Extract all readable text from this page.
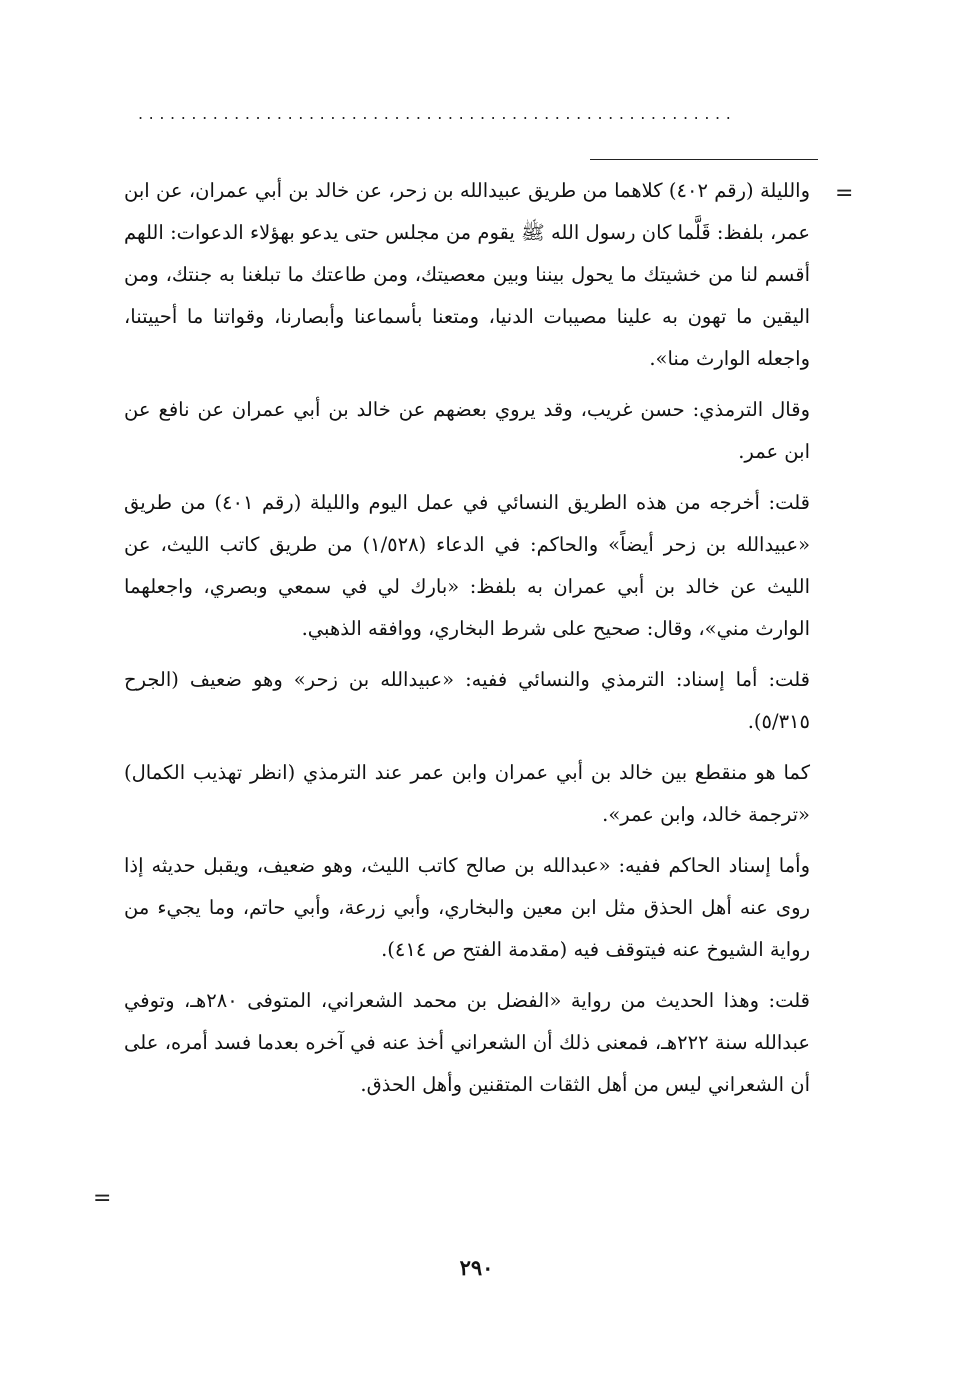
........................................................
=

والليلة (رقم ٤٠٢) كلاهما من طريق عبيدالله بن زحر، عن خالد بن أبي عمران، عن ابن عمر، بلفظ: قَلَّما كان رسول الله ﷺ يقوم من مجلس حتى يدعو بهؤلاء الدعوات: اللهم أقسم لنا من خشيتك ما يحول بيننا وبين معصيتك، ومن طاعتك ما تبلغنا به جنتك، ومن اليقين ما تهون به علينا مصيبات الدنيا، ومتعنا بأسماعنا وأبصارنا، وقواتنا ما أحييتنا، واجعله الوارث منا».

وقال الترمذي: حسن غريب، وقد يروي بعضهم عن خالد بن أبي عمران عن نافع عن ابن عمر.

قلت: أخرجه من هذه الطريق النسائي في عمل اليوم والليلة (رقم ٤٠١) من طريق «عبيدالله بن زحر أيضاً» والحاكم: في الدعاء (١/٥٢٨) من طريق كاتب الليث، عن الليث عن خالد بن أبي عمران به بلفظ: «بارك لي في سمعي وبصري، واجعلهما الوارث مني»، وقال: صحيح على شرط البخاري، ووافقه الذهبي.

قلت: أما إسناد: الترمذي والنسائي ففيه: «عبيدالله بن زحر» وهو ضعيف (الجرح ٥/٣١٥).

كما هو منقطع بين خالد بن أبي عمران وابن عمر عند الترمذي (انظر تهذيب الكمال) «ترجمة خالد، وابن عمر».

وأما إسناد الحاكم ففيه: «عبدالله بن صالح كاتب الليث، وهو ضعيف، ويقبل حديثه إذا روى عنه أهل الحذق مثل ابن معين والبخاري، وأبي زرعة، وأبي حاتم، وما يجيء من رواية الشيوخ عنه فيتوقف فيه (مقدمة الفتح ص ٤١٤).

قلت: وهذا الحديث من رواية «الفضل بن محمد الشعراني، المتوفى ٢٨٠هـ، وتوفي عبدالله سنة ٢٢٢هـ، فمعنى ذلك أن الشعراني أخذ عنه في آخره بعدما فسد أمره، على أن الشعراني ليس من أهل الثقات المتقنين وأهل الحذق.

=
٢٩٠
